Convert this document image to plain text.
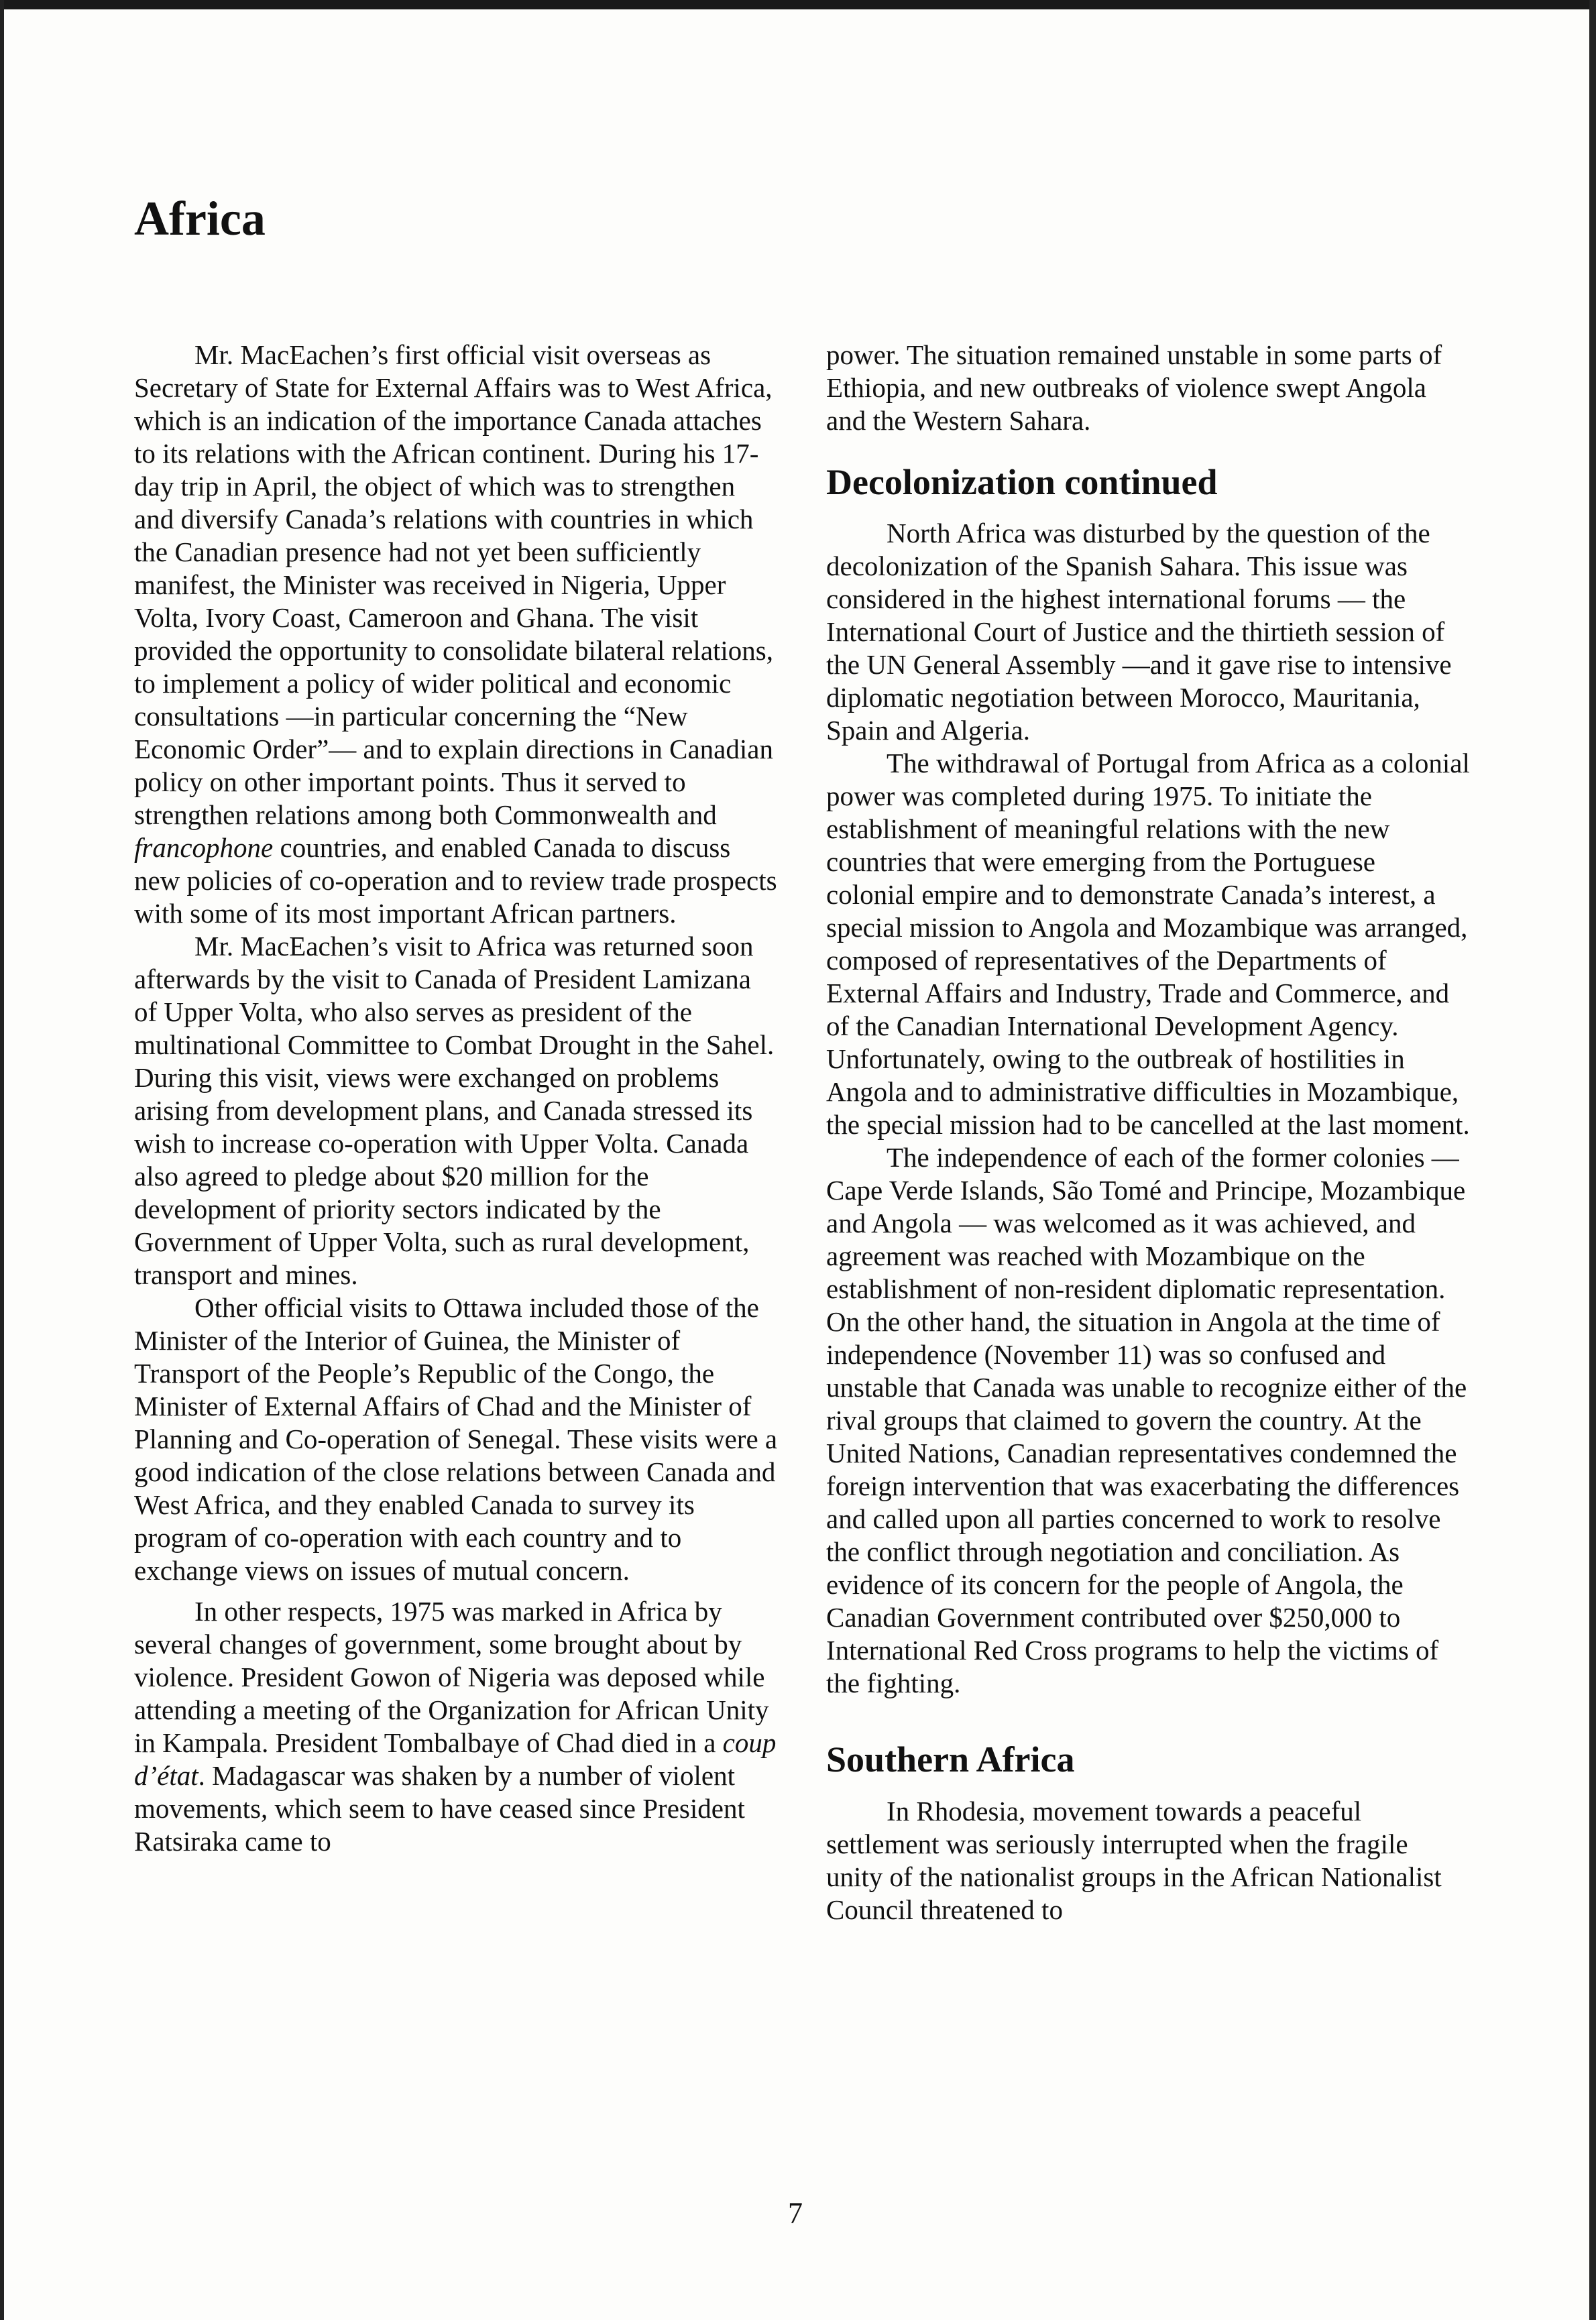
Africa

Mr. MacEachen’s first official visit overseas as Secretary of State for External Affairs was to West Africa, which is an indication of the importance Canada attaches to its relations with the African continent. During his 17-day trip in April, the object of which was to strengthen and diversify Canada’s relations with countries in which the Canadian presence had not yet been sufficiently manifest, the Minister was received in Nigeria, Upper Volta, Ivory Coast, Cameroon and Ghana. The visit provided the opportunity to consolidate bilateral relations, to implement a policy of wider political and economic consultations —in particular concerning the “New Economic Order”— and to explain directions in Canadian policy on other important points. Thus it served to strengthen relations among both Commonwealth and francophone countries, and enabled Canada to discuss new policies of co-operation and to review trade prospects with some of its most important African partners.

Mr. MacEachen’s visit to Africa was returned soon afterwards by the visit to Canada of President Lamizana of Upper Volta, who also serves as president of the multinational Committee to Combat Drought in the Sahel. During this visit, views were exchanged on problems arising from development plans, and Canada stressed its wish to increase co-operation with Upper Volta. Canada also agreed to pledge about $20 million for the development of priority sectors indicated by the Government of Upper Volta, such as rural development, transport and mines.

Other official visits to Ottawa included those of the Minister of the Interior of Guinea, the Minister of Transport of the People’s Republic of the Congo, the Minister of External Affairs of Chad and the Minister of Planning and Co-operation of Senegal. These visits were a good indication of the close relations between Canada and West Africa, and they enabled Canada to survey its program of co-operation with each country and to exchange views on issues of mutual concern.

In other respects, 1975 was marked in Africa by several changes of government, some brought about by violence. President Gowon of Nigeria was deposed while attending a meeting of the Organization for African Unity in Kampala. President Tombalbaye of Chad died in a coup d’état. Madagascar was shaken by a number of violent movements, which seem to have ceased since President Ratsiraka came to

power. The situation remained unstable in some parts of Ethiopia, and new outbreaks of violence swept Angola and the Western Sahara.

Decolonization continued

North Africa was disturbed by the question of the decolonization of the Spanish Sahara. This issue was considered in the highest international forums — the International Court of Justice and the thirtieth session of the UN General Assembly —and it gave rise to intensive diplomatic negotiation between Morocco, Mauritania, Spain and Algeria.

The withdrawal of Portugal from Africa as a colonial power was completed during 1975. To initiate the establishment of meaningful relations with the new countries that were emerging from the Portuguese colonial empire and to demonstrate Canada’s interest, a special mission to Angola and Mozambique was arranged, composed of representatives of the Departments of External Affairs and Industry, Trade and Commerce, and of the Canadian International Development Agency. Unfortunately, owing to the outbreak of hostilities in Angola and to administrative difficulties in Mozambique, the special mission had to be cancelled at the last moment.

The independence of each of the former colonies — Cape Verde Islands, São Tomé and Principe, Mozambique and Angola — was welcomed as it was achieved, and agreement was reached with Mozambique on the establishment of non-resident diplomatic representation. On the other hand, the situation in Angola at the time of independence (November 11) was so confused and unstable that Canada was unable to recognize either of the rival groups that claimed to govern the country. At the United Nations, Canadian representatives condemned the foreign intervention that was exacerbating the differences and called upon all parties concerned to work to resolve the conflict through negotiation and conciliation. As evidence of its concern for the people of Angola, the Canadian Government contributed over $250,000 to International Red Cross programs to help the victims of the fighting.

Southern Africa

In Rhodesia, movement towards a peaceful settlement was seriously interrupted when the fragile unity of the nationalist groups in the African Nationalist Council threatened to

7
